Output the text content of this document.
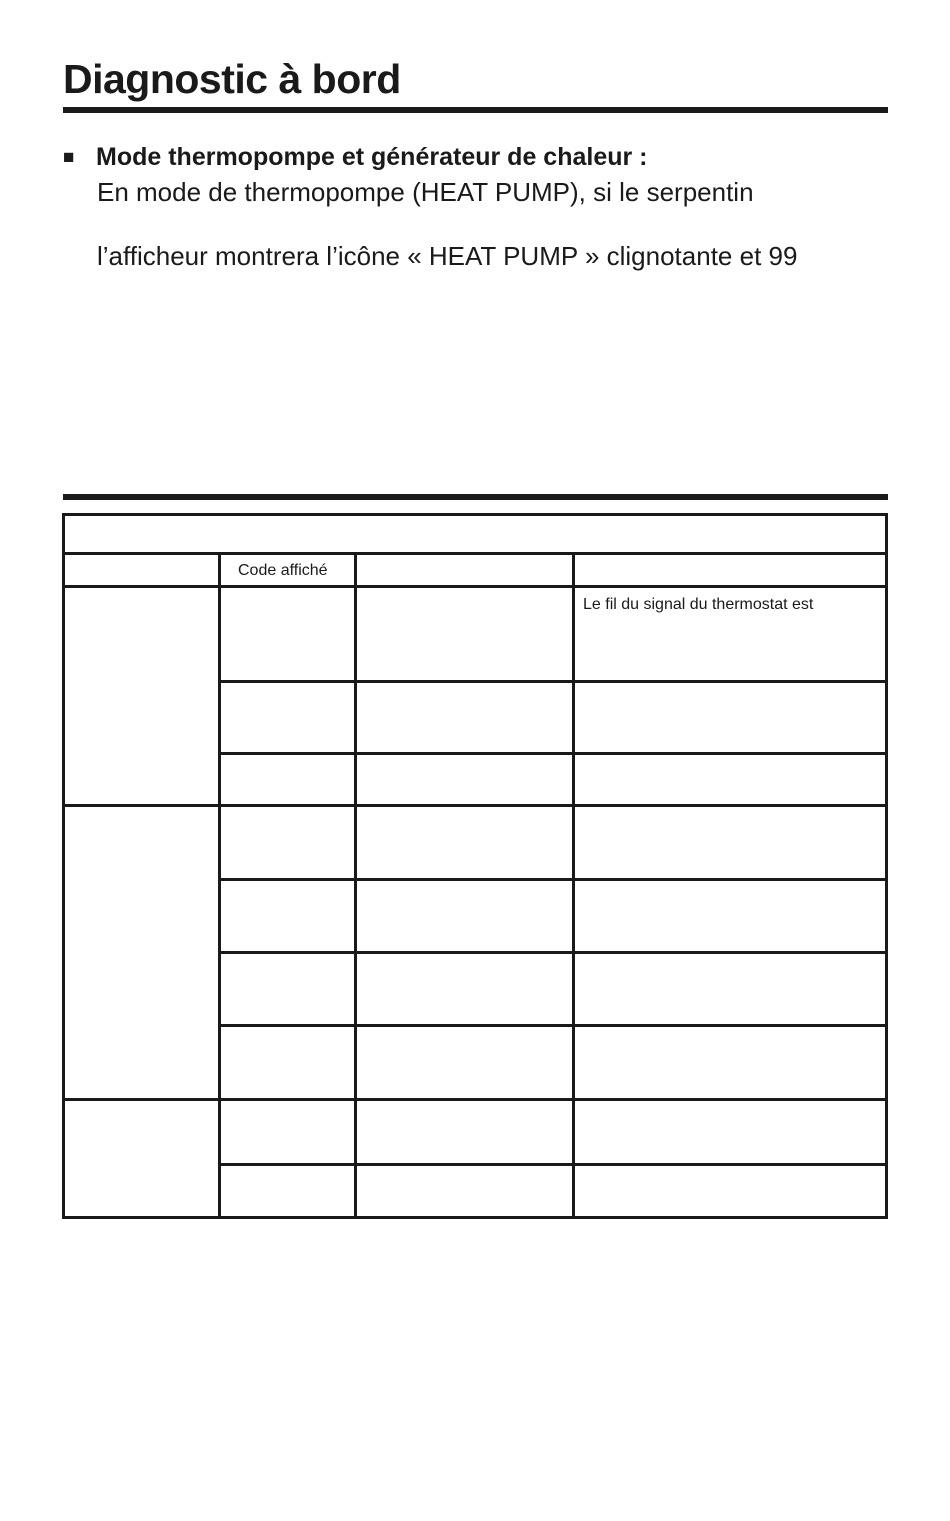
Diagnostic à bord
■ Mode thermopompe et générateur de chaleur :
En mode de thermopompe (HEAT PUMP), si le serpentin
l’afficheur montrera l’icône « HEAT PUMP » clignotante et 99
Code affiché
Le fil du signal du thermostat est
